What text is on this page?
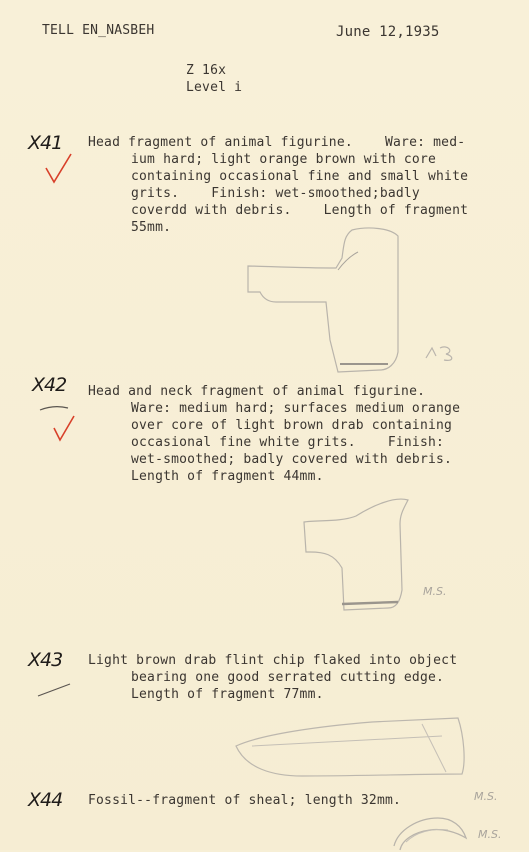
TELL EN_NASBEH	June 12,1935
Z 16x
Level i
X41 Head fragment of animal figurine.    Ware: med-
ium hard; light orange brown with core
containing occasional fine and small white
grits.    Finish: wet-smoothed;badly
coverdd with debris.    Length of fragment
55mm.
X42 Head and neck fragment of animal figurine.
Ware: medium hard; surfaces medium orange
over core of light brown drab containing
occasional fine white grits.    Finish:
wet-smoothed; badly covered with debris.
Length of fragment 44mm.
M.S.
X43 Light brown drab flint chip flaked into object
bearing one good serrated cutting edge.
Length of fragment 77mm.
X44 Fossil--fragment of sheal; length 32mm.	M.S.
M.S.
